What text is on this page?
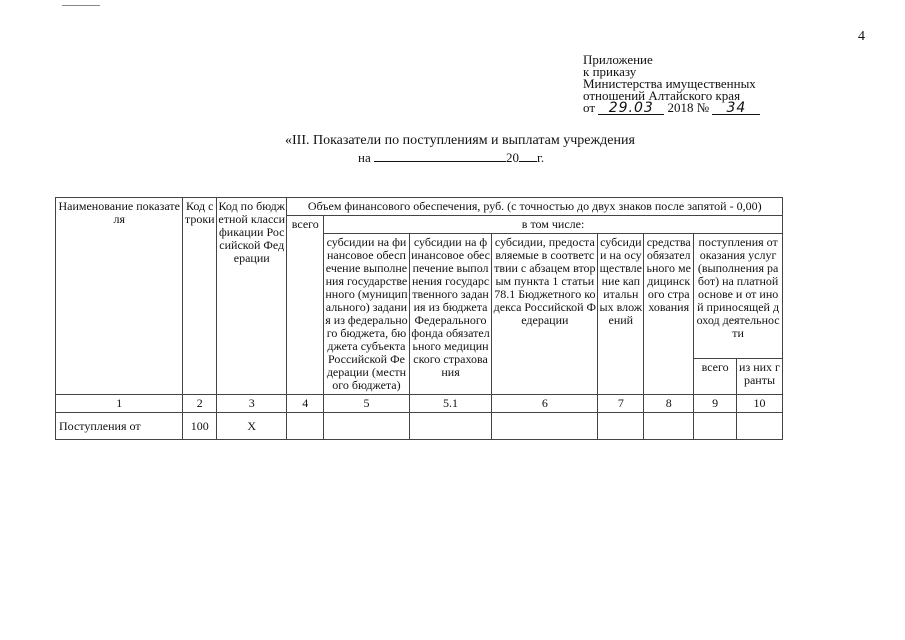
4
Приложение
к приказу
Министерства имущественных
отношений Алтайского края
от 29.03 2018 № 34
«III. Показатели по поступлениям и выплатам учреждения
на	20 г.
Наименование показателя	Код строки	Код по бюджетной классификации Российской Федерации	Объем финансового обеспечения, руб. (с точностью до двух знаков после запятой - 0,00)							
			всего	в том числе:						
				субсидии на финансовое обеспечение выполнения государственного (муниципального) задания из федерального бюджета, бюджета субъекта Российской Федерации (местного бюджета)	субсидии на финансовое обеспечение выполнения государственного задания из бюджета Федерального фонда обязательного медицинского страхования	субсидии, предоставляемые в соответствии с абзацем вторым пункта 1 статьи 78.1 Бюджетного кодекса Российской Федерации	субсидии на осуществление капитальных вложений	средства обязательного медицинского страхования	поступления от оказания услуг (выполнения работ) на платной основе и от иной приносящей доход деятельности	
									всего	из них гранты
1	2	3	4	5	5.1	6	7	8	9	10
Поступления от	100	X								
